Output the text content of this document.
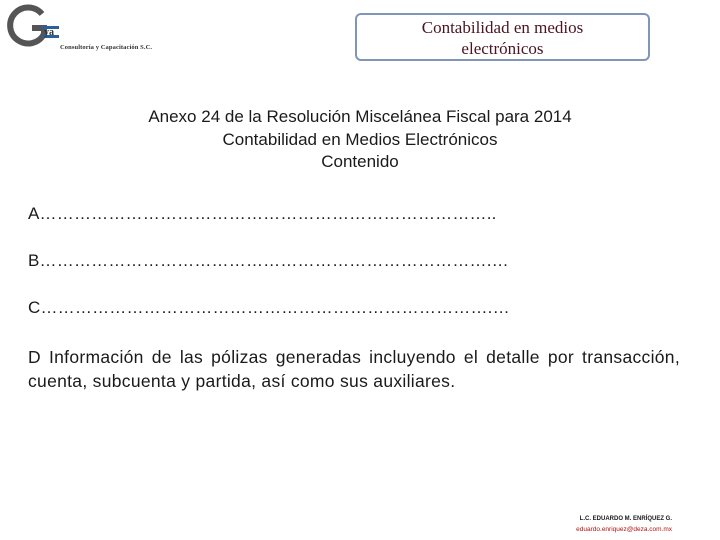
ya
Consultoría y Capacitación S.C.
Contabilidad en medios
electrónicos
Anexo 24 de la Resolución Miscelánea Fiscal para 2014
Contabilidad en Medios Electrónicos
Contenido
A……………………………………………………………………..
B…………………………………………………………………….…
C…………………………………………………………………….…
D Información de las pólizas generadas incluyendo el detalle por transacción, cuenta, subcuenta y partida, así como sus auxiliares.
L.C. EDUARDO M. ENRÍQUEZ G.
eduardo.enriquez@deza.com.mx
